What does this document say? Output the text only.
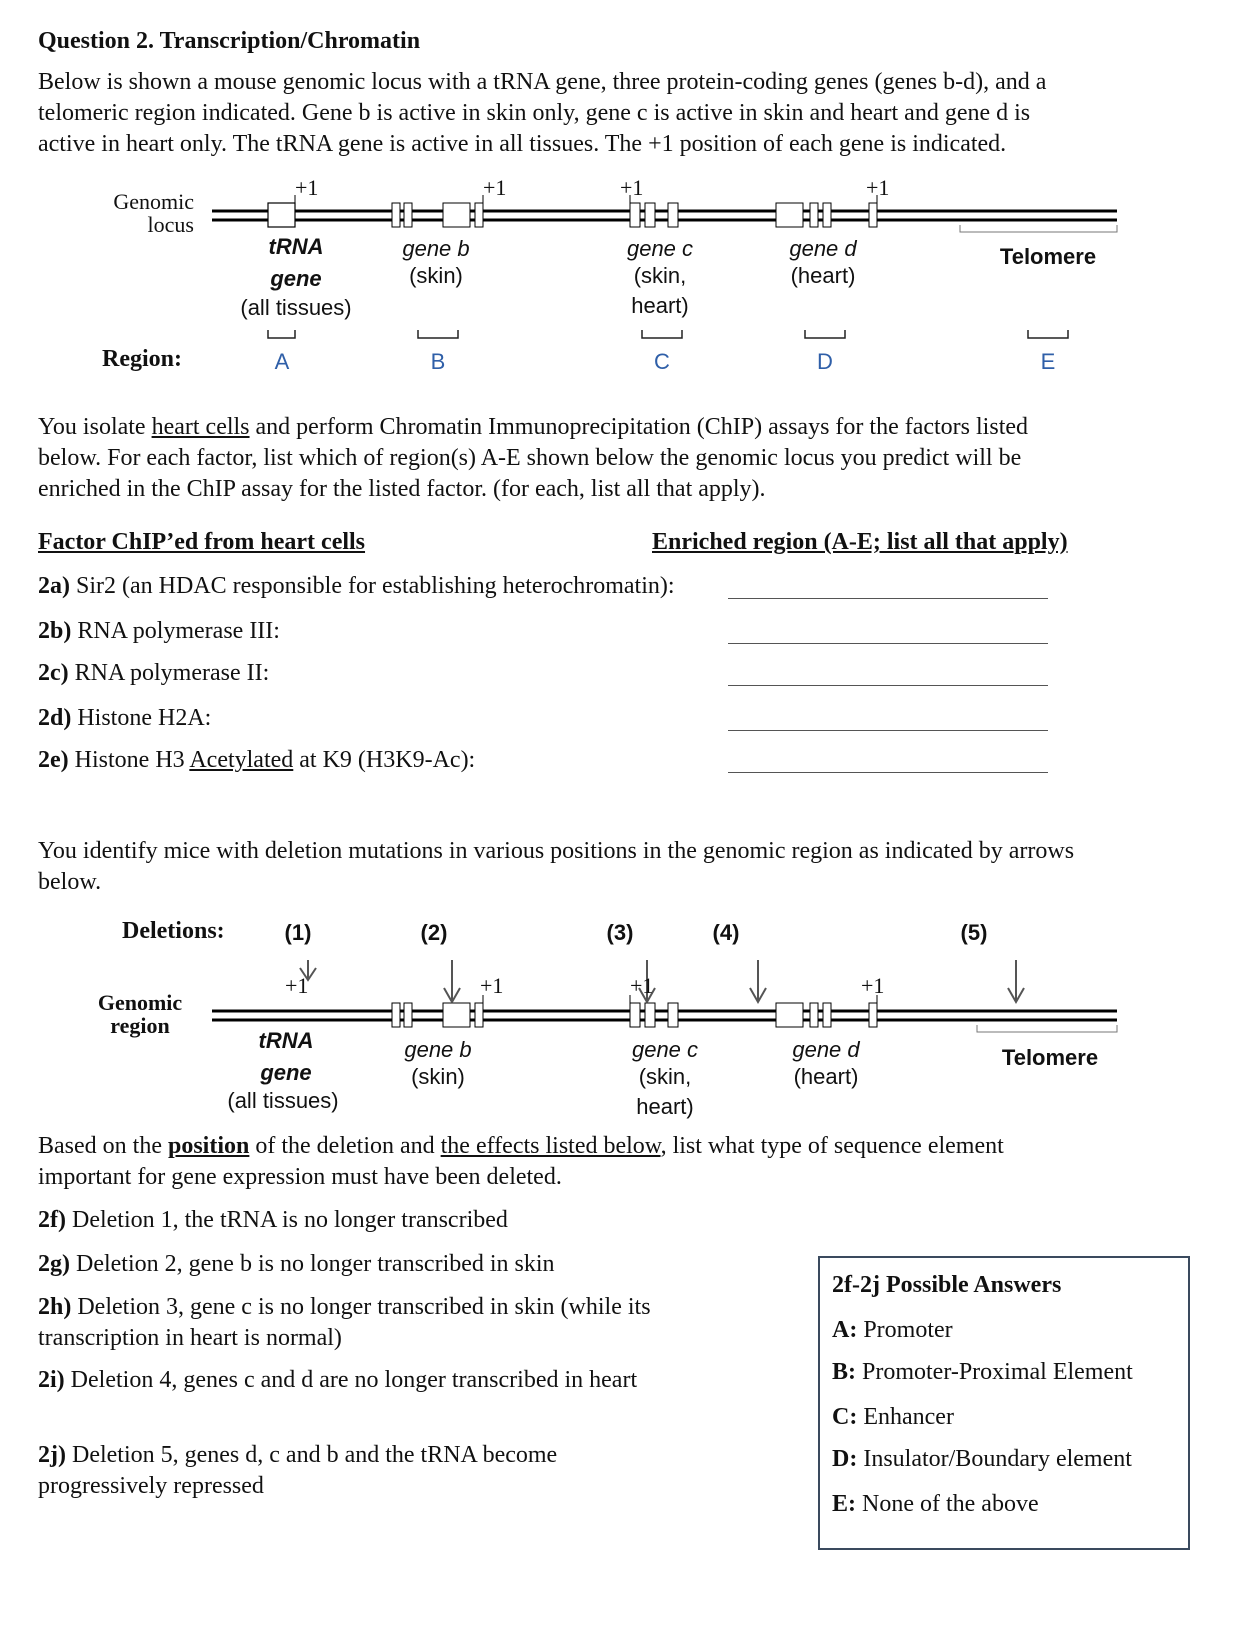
Question 2. Transcription/Chromatin
Below is shown a mouse genomic locus with a tRNA gene, three protein-coding genes (genes b-d), and a
telomeric region indicated. Gene b is active in skin only, gene c is active in skin and heart and gene d is
active in heart only. The tRNA gene is active in all tissues. The +1 position of each gene is indicated.
Genomic
locus
+1	+1	+1	+1
tRNA
gene
(all tissues)
gene b
(skin)
gene c
(skin,
heart)
gene d
(heart)
Telomere
Region:	A	B	C	D	E
You isolate heart cells and perform Chromatin Immunoprecipitation (ChIP) assays for the factors listed
below. For each factor, list which of region(s) A-E shown below the genomic locus you predict will be
enriched in the ChIP assay for the listed factor. (for each, list all that apply).
Factor ChIP’ed from heart cells	Enriched region (A-E; list all that apply)
2a) Sir2 (an HDAC responsible for establishing heterochromatin):
2b) RNA polymerase III:
2c) RNA polymerase II:
2d) Histone H2A:
2e) Histone H3 Acetylated at K9 (H3K9-Ac):
You identify mice with deletion mutations in various positions in the genomic region as indicated by arrows
below.
Deletions:	(1)	(2)	(3)	(4)	(5)
+1	+1	+1	+1
Genomic
region
tRNA
gene
(all tissues)
gene b
(skin)
gene c
(skin,
heart)
gene d
(heart)
Telomere
Based on the position of the deletion and the effects listed below, list what type of sequence element
important for gene expression must have been deleted.
2f) Deletion 1, the tRNA is no longer transcribed
2g) Deletion 2, gene b is no longer transcribed in skin
2h) Deletion 3, gene c is no longer transcribed in skin (while its transcription in heart is normal)
2i) Deletion 4, genes c and d are no longer transcribed in heart
2j) Deletion 5, genes d, c and b and the tRNA become progressively repressed
2f-2j Possible Answers
A: Promoter
B: Promoter-Proximal Element
C: Enhancer
D: Insulator/Boundary element
E: None of the above
